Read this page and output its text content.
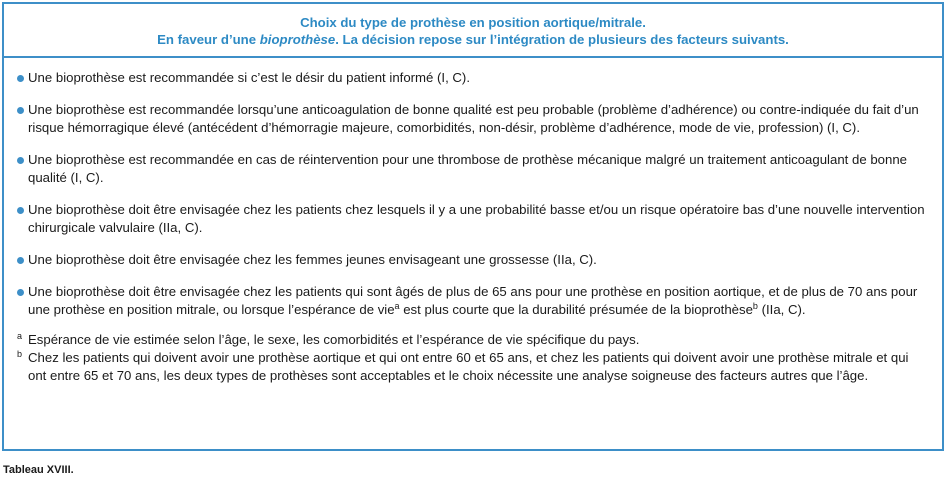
Choix du type de prothèse en position aortique/mitrale.
En faveur d’une bioprothèse. La décision repose sur l’intégration de plusieurs des facteurs suivants.
Une bioprothèse est recommandée si c’est le désir du patient informé (I, C).
Une bioprothèse est recommandée lorsqu’une anticoagulation de bonne qualité est peu probable (problème d’adhérence) ou contre-indiquée du fait d’un risque hémorragique élevé (antécédent d’hémorragie majeure, comorbidités, non-désir, problème d’adhérence, mode de vie, profession) (I, C).
Une bioprothèse est recommandée en cas de réintervention pour une thrombose de prothèse mécanique malgré un traitement anticoagulant de bonne qualité (I, C).
Une bioprothèse doit être envisagée chez les patients chez lesquels il y a une probabilité basse et/ou un risque opératoire bas d’une nouvelle intervention chirurgicale valvulaire (IIa, C).
Une bioprothèse doit être envisagée chez les femmes jeunes envisageant une grossesse (IIa, C).
Une bioprothèse doit être envisagée chez les patients qui sont âgés de plus de 65 ans pour une prothèse en position aortique, et de plus de 70 ans pour une prothèse en position mitrale, ou lorsque l’espérance de vie$^a$ est plus courte que la durabilité présumée de la bioprothèse$^b$ (IIa, C).
a Espérance de vie estimée selon l’âge, le sexe, les comorbidités et l’espérance de vie spécifique du pays.
b Chez les patients qui doivent avoir une prothèse aortique et qui ont entre 60 et 65 ans, et chez les patients qui doivent avoir une prothèse mitrale et qui ont entre 65 et 70 ans, les deux types de prothèses sont acceptables et le choix nécessite une analyse soigneuse des facteurs autres que l’âge.
Tableau XVIII.
